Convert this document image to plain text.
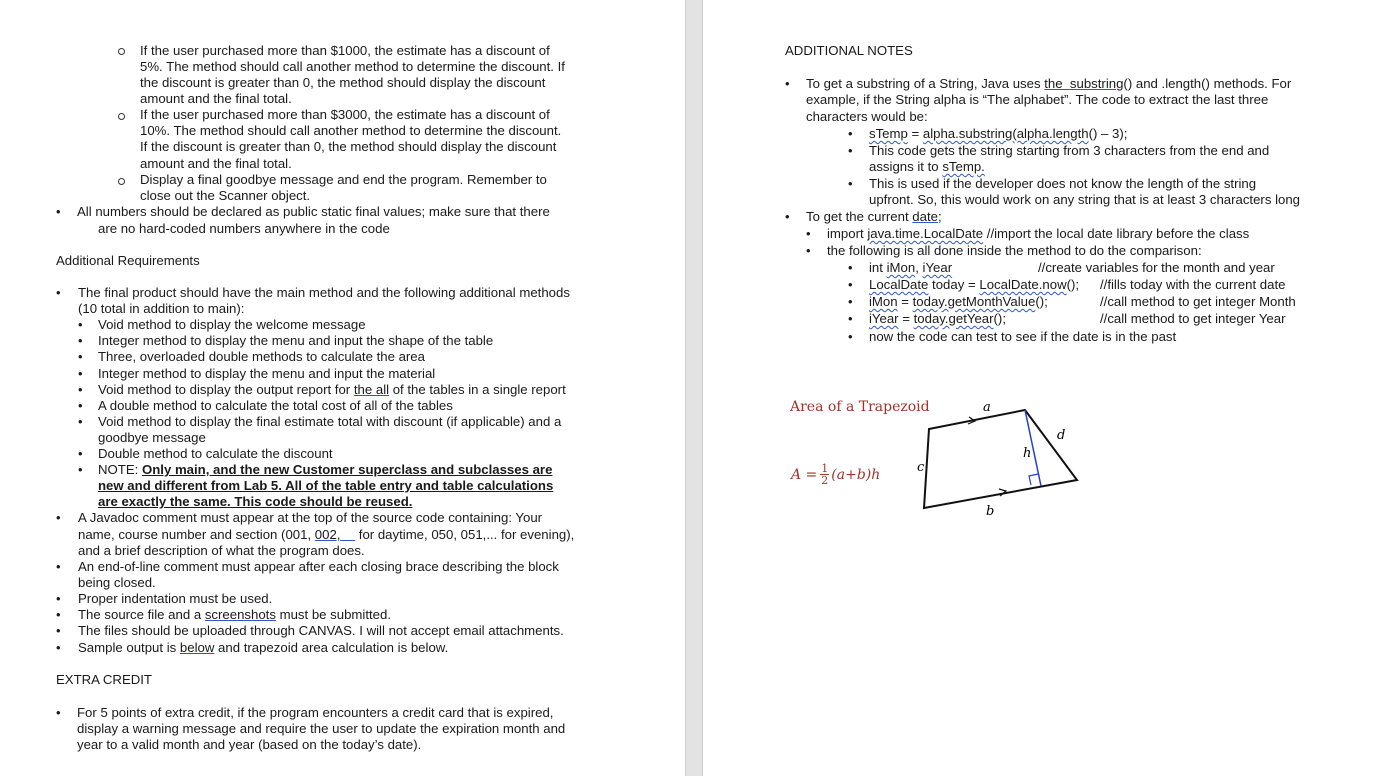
If the user purchased more than $1000, the estimate has a discount of
5%. The method should call another method to determine the discount. If
the discount is greater than 0, the method should display the discount
amount and the final total.
If the user purchased more than $3000, the estimate has a discount of
10%. The method should call another method to determine the discount.
If the discount is greater than 0, the method should display the discount
amount and the final total.
Display a final goodbye message and end the program. Remember to
close out the Scanner object.
• All numbers should be declared as public static final values; make sure that there
are no hard-coded numbers anywhere in the code
Additional Requirements
• The final product should have the main method and the following additional methods
(10 total in addition to main):
• Void method to display the welcome message
• Integer method to display the menu and input the shape of the table
• Three, overloaded double methods to calculate the area
• Integer method to display the menu and input the material
• Void method to display the output report for the all of the tables in a single report
• A double method to calculate the total cost of all of the tables
• Void method to display the final estimate total with discount (if applicable) and a
goodbye message
• Double method to calculate the discount
• NOTE: Only main, and the new Customer superclass and subclasses are
new and different from Lab 5. All of the table entry and table calculations
are exactly the same. This code should be reused.
• A Javadoc comment must appear at the top of the source code containing: Your
name, course number and section (001, 002, for daytime, 050, 051,... for evening),
and a brief description of what the program does.
• An end-of-line comment must appear after each closing brace describing the block
being closed.
• Proper indentation must be used.
• The source file and a screenshots must be submitted.
• The files should be uploaded through CANVAS. I will not accept email attachments.
• Sample output is below and trapezoid area calculation is below.
EXTRA CREDIT
• For 5 points of extra credit, if the program encounters a credit card that is expired,
display a warning message and require the user to update the expiration month and
year to a valid month and year (based on the today’s date).
ADDITIONAL NOTES
• To get a substring of a String, Java uses the  substring() and .length() methods. For
example, if the String alpha is “The alphabet”. The code to extract the last three
characters would be:
• sTemp = alpha.substring(alpha.length() – 3);
• This code gets the string starting from 3 characters from the end and
assigns it to sTemp.
• This is used if the developer does not know the length of the string
upfront. So, this would work on any string that is at least 3 characters long
• To get the current date;
• import java.time.LocalDate //import the local date library before the class
• the following is all done inside the method to do the comparison:
• int iMon, iYear	//create variables for the month and year
• LocalDate today = LocalDate.now(); //fills today with the current date
• iMon = today.getMonthValue();	//call method to get integer Month
• iYear = today.getYear();	//call method to get integer Year
• now the code can test to see if the date is in the past
Area of a Trapezoid
$A = \frac{1}{2} (a+b)h$
a
b
c
d
h
